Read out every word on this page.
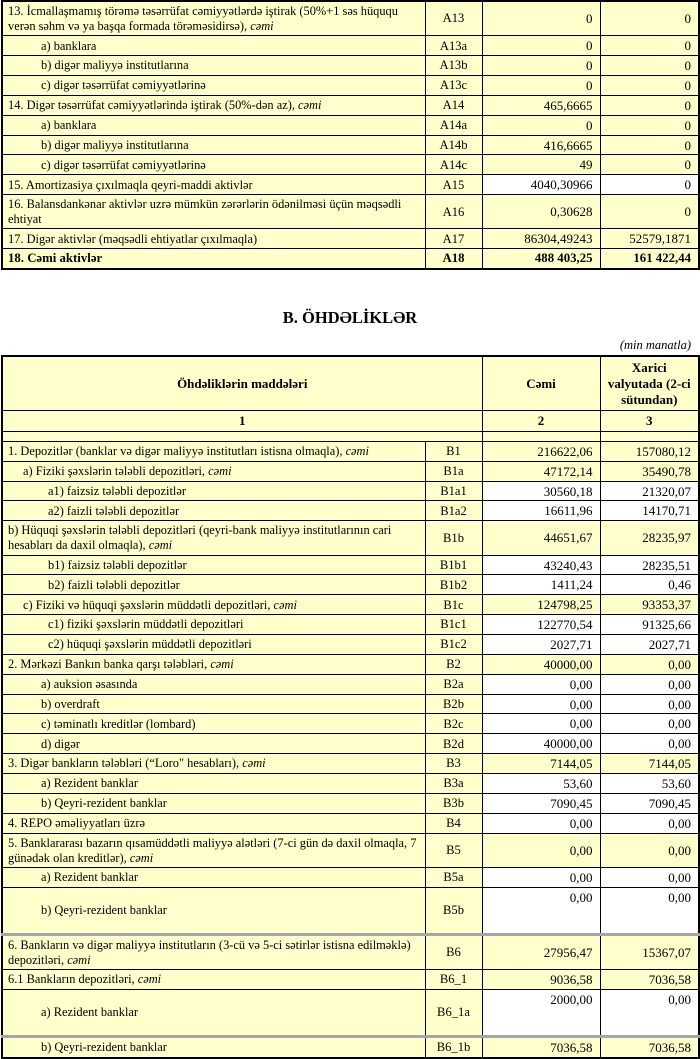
13. İcmallaşmamış törəmə təsərrüfat cəmiyyətlərdə iştirak (50%+1 səs hüququ verən səhm və ya başqa formada törəməsidirsə), cəmi	A13	0	0
a) banklara	A13a	0	0
b) digər maliyyə institutlarına	A13b	0	0
c) digər təsərrüfat cəmiyyətlərinə	A13c	0	0
14. Digər təsərrüfat cəmiyyətlərində iştirak (50%-dən az), cəmi	A14	465,6665	0
a) banklara	A14a	0	0
b) digər maliyyə institutlarına	A14b	416,6665	0
c) digər təsərrüfat cəmiyyətlərinə	A14c	49	0
15. Amortizasiya çıxılmaqla qeyri-maddi aktivlər	A15	4040,30966	0
16. Balansdankənar aktivlər uzrə mümkün zərərlərin ödənilməsi üçün məqsədli ehtiyat	A16	0,30628	0
17. Digər aktivlər (məqsədli ehtiyatlar çıxılmaqla)	A17	86304,49243	52579,1871
18. Cəmi aktivlər	A18	488 403,25	161 422,44
B. ÖHDƏLİKLƏR
(min manatla)
Öhdəliklərin maddələri		Cəmi	Xarici valyutada (2-ci sütundan)
1		2	3

1. Depozitlər (banklar və digər maliyyə institutları istisna olmaqla), cəmi	B1	216622,06	157080,12
a) Fiziki şəxslərin tələbli depozitləri, cəmi	B1a	47172,14	35490,78
a1) faizsiz tələbli depozitlər	B1a1	30560,18	21320,07
a2) faizli tələbli depozitlər	B1a2	16611,96	14170,71
b) Hüquqi şəxslərin tələbli depozitləri (qeyri-bank maliyyə institutlarının cari hesabları da daxil olmaqla), cəmi	B1b	44651,67	28235,97
b1) faizsiz tələbli depozitlər	B1b1	43240,43	28235,51
b2) faizli tələbli depozitlər	B1b2	1411,24	0,46
c) Fiziki və hüquqi şəxslərin müddətli depozitləri, cəmi	B1c	124798,25	93353,37
c1) fiziki şəxslərin müddətli depozitləri	B1c1	122770,54	91325,66
c2) hüquqi şəxslərin müddətli depozitləri	B1c2	2027,71	2027,71
2. Mərkəzi Bankın banka qarşı tələbləri, cəmi	B2	40000,00	0,00
a) auksion əsasında	B2a	0,00	0,00
b) overdraft	B2b	0,00	0,00
c) təminatlı kreditlər (lombard)	B2c	0,00	0,00
d) digər	B2d	40000,00	0,00
3. Digər bankların tələbləri (“Loro" hesabları), cəmi	B3	7144,05	7144,05
a) Rezident banklar	B3a	53,60	53,60
b) Qeyri-rezident banklar	B3b	7090,45	7090,45
4. REPO əməliyyatları üzrə	B4	0,00	0,00
5. Banklararası bazarın qısamüddətli maliyyə alətləri (7-ci gün də daxil olmaqla, 7 günədək olan kreditlər), cəmi	B5	0,00	0,00
a) Rezident banklar	B5a	0,00	0,00
b) Qeyri-rezident banklar	B5b	0,00	0,00
6. Bankların və digər maliyyə institutların (3-cü və 5-ci sətirlər istisna edilməklə) depozitləri, cəmi	B6	27956,47	15367,07
6.1 Bankların depozitləri, cəmi	B6_1	9036,58	7036,58
a) Rezident banklar	B6_1a	2000,00	0,00
b) Qeyri-rezident banklar	B6_1b	7036,58	7036,58
